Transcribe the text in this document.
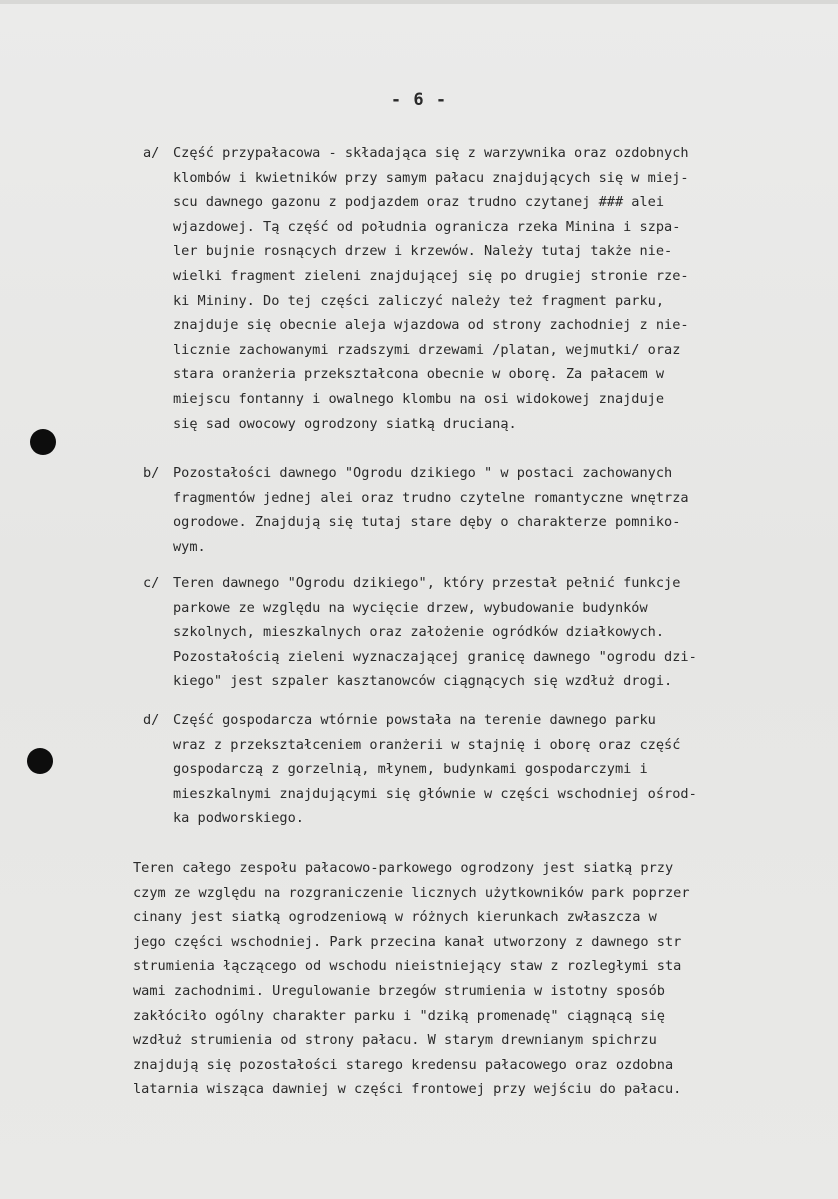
- 6 -
a/ Część przypałacowa - składająca się z warzywnika oraz ozdobnych
klombów i kwietników przy samym pałacu znajdujących się w miej-
scu dawnego gazonu z podjazdem oraz trudno czytanej ### alei
wjazdowej. Tą część od południa ogranicza rzeka Minina i szpa-
ler bujnie rosnących drzew i krzewów. Należy tutaj także nie-
wielki fragment zieleni znajdującej się po drugiej stronie rze-
ki Mininy. Do tej części zaliczyć należy też fragment parku,
znajduje się obecnie aleja wjazdowa od strony zachodniej z nie-
licznie zachowanymi rzadszymi drzewami /platan, wejmutki/ oraz
stara oranżeria przekształcona obecnie w oborę. Za pałacem w
miejscu fontanny i owalnego klombu na osi widokowej znajduje
się sad owocowy ogrodzony siatką drucianą.
b/ Pozostałości dawnego "Ogrodu dzikiego " w postaci zachowanych
fragmentów jednej alei oraz trudno czytelne romantyczne wnętrza
ogrodowe. Znajdują się tutaj stare dęby o charakterze pomniko-
wym.
c/ Teren dawnego "Ogrodu dzikiego", który przestał pełnić funkcje
parkowe ze względu na wycięcie drzew, wybudowanie budynków
szkolnych, mieszkalnych oraz założenie ogródków działkowych.
Pozostałością zieleni wyznaczającej granicę dawnego "ogrodu dzi-
kiego" jest szpaler kasztanowców ciągnących się wzdłuż drogi.
d/ Część gospodarcza wtórnie powstała na terenie dawnego parku
wraz z przekształceniem oranżerii w stajnię i oborę oraz część
gospodarczą z gorzelnią, młynem, budynkami gospodarczymi i
mieszkalnymi znajdującymi się głównie w części wschodniej ośrod-
ka podworskiego.
Teren całego zespołu pałacowo-parkowego ogrodzony jest siatką przy
czym ze względu na rozgraniczenie licznych użytkowników park poprzer
cinany jest siatką ogrodzeniową w różnych kierunkach zwłaszcza w
jego części wschodniej. Park przecina kanał utworzony z dawnego str
strumienia łączącego od wschodu nieistniejący staw z rozległymi sta
wami zachodnimi. Uregulowanie brzegów strumienia w istotny sposób
zakłóciło ogólny charakter parku i "dziką promenadę" ciągnącą się
wzdłuż strumienia od strony pałacu. W starym drewnianym spichrzu
znajdują się pozostałości starego kredensu pałacowego oraz ozdobna
latarnia wisząca dawniej w części frontowej przy wejściu do pałacu.
